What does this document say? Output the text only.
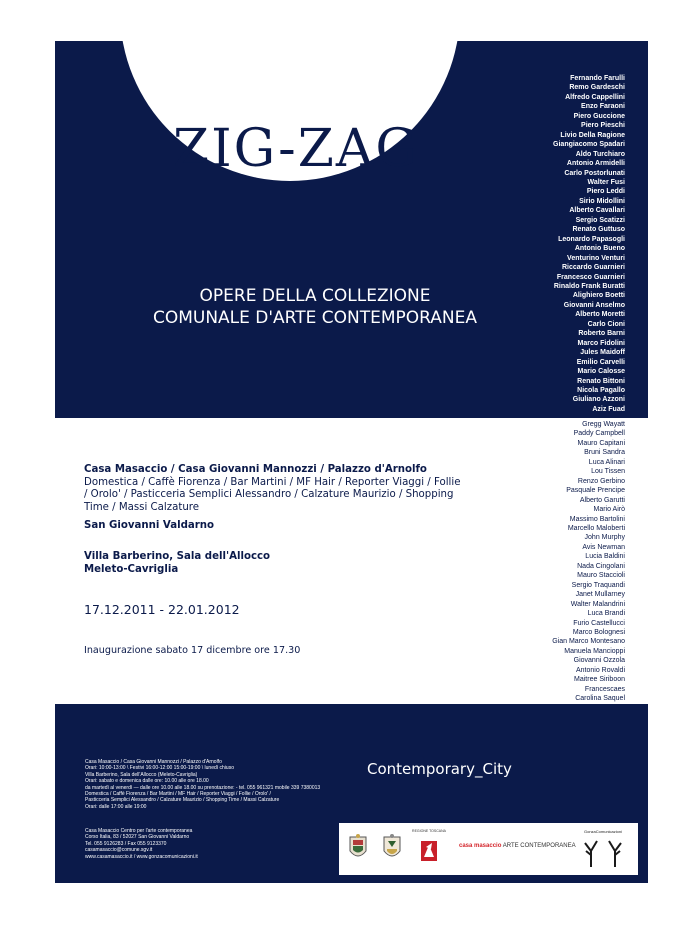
ZIG-ZAG
OPERE DELLA COLLEZIONE
COMUNALE D'ARTE CONTEMPORANEA
Fernando Farulli
Remo Gardeschi
Alfredo Cappellini
Enzo Faraoni
Piero Guccione
Piero Pieschi
Livio Della Ragione
Giangiacomo Spadari
Aldo Turchiaro
Antonio Armidelli
Carlo Postorlunati
Walter Fusi
Piero Leddi
Sirio Midollini
Alberto Cavallari
Sergio Scatizzi
Renato Guttuso
Leonardo Papasogli
Antonio Bueno
Venturino Venturi
Riccardo Guarnieri
Francesco Guarnieri
Rinaldo Frank Buratti
Alighiero Boetti
Giovanni Anselmo
Alberto Moretti
Carlo Cioni
Roberto Barni
Marco Fidolini
Jules Maidoff
Emilio Carvelli
Mario Calosse
Renato Bittoni
Nicola Pagallo
Giuliano Azzoni
Aziz Fuad
Gregg Wayatt
Paddy Campbell
Mauro Capitani
Bruni Sandra
Luca Alinari
Lou Tissen
Renzo Gerbino
Pasquale Prencipe
Alberto Garutti
Mario Airò
Massimo Bartolini
Marcello Maloberti
John Murphy
Avis Newman
Lucia Baldini
Nada Cingolani
Mauro Staccioli
Sergio Traquandi
Janet Mullarney
Walter Malandrini
Luca Brandi
Furio Castellucci
Marco Bolognesi
Gian Marco Montesano
Manuela Mancioppi
Giovanni Ozzola
Antonio Rovaldi
Maitree Siriboon
Francescaes
Carolina Saquel
Casa Masaccio / Casa Giovanni Mannozzi / Palazzo d'Arnolfo
Domestica / Caffè Fiorenza / Bar Martini / MF Hair / Reporter Viaggi / Follie / Orolo' / Pasticceria Semplici Alessandro / Calzature Maurizio / Shopping Time / Massi Calzature
San Giovanni Valdarno
Villa Barberino, Sala dell'Allocco
Meleto-Cavriglia
17.12.2011 - 22.01.2012
Inaugurazione sabato 17 dicembre ore 17.30
Casa Masaccio / Casa Giovanni Mannozzi / Palazzo d'Arnolfo
Orari: 10:00-13:00 \ Festivi 16:00-12:00 15:00-19:00 \ lunedì chiuso
Villa Barberino, Sala dell'Allocco (Meleto-Cavriglia)
Orari: sabato e domenica dalle ore: 10.00 alle ore 18.00
da martedì al venerdì — dalle ore 10.00 alle 18.00 su prenotazione: - tel. 055 961321 mobile 339 7380013
Domestica / Caffè Fiorenza / Bar Martini / MF Hair / Reporter Viaggi / Follie / Orolo' /
Pasticceria Semplici Alessandro / Calzature Maurizio / Shopping Time / Massi Calzature
Orari: dalle 17:00 alle 19:00
Casa Masaccio Centro per l'arte contemporanea
Corso Italia, 83 / 52027 San Giovanni Valdarno
Tel. 055 9126283 / Fax 055 9123370
casamasaccio@comune.sgv.it
www.casamasaccio.it / www.gonzacomunicazioni.it
Contemporary_City
REGIONE TOSCANA
casa masaccio ARTE CONTEMPORANEA
GonzaComunicazioni
